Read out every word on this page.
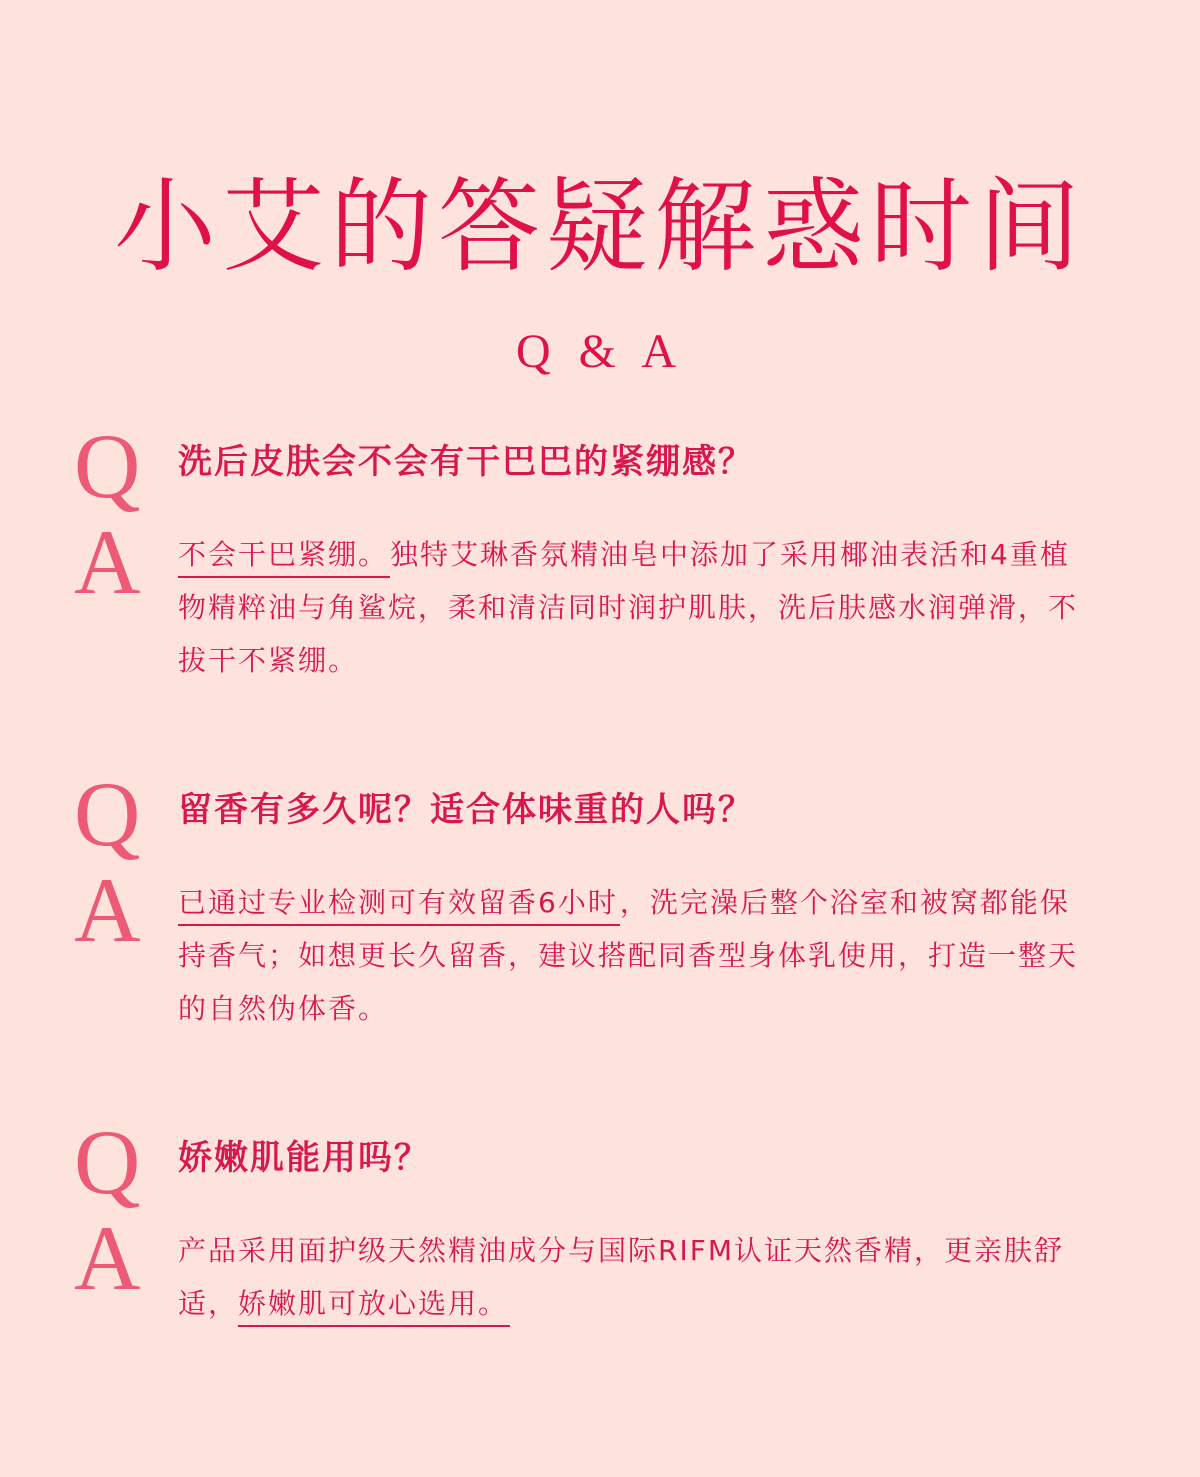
小艾的答疑解惑时间
Q & A
Q 洗后皮肤会不会有干巴巴的紧绷感？
A 不会干巴紧绷。独特艾琳香氛精油皂中添加了采用椰油表活和4重植物精粹油与角鲨烷，柔和清洁同时润护肌肤，洗后肤感水润弹滑，不拔干不紧绷。
Q 留香有多久呢？适合体味重的人吗？
A 已通过专业检测可有效留香6小时，洗完澡后整个浴室和被窝都能保持香气；如想更长久留香，建议搭配同香型身体乳使用，打造一整天的自然伪体香。
Q 娇嫩肌能用吗？
A 产品采用面护级天然精油成分与国际RIFM认证天然香精，更亲肤舒适，娇嫩肌可放心选用。
